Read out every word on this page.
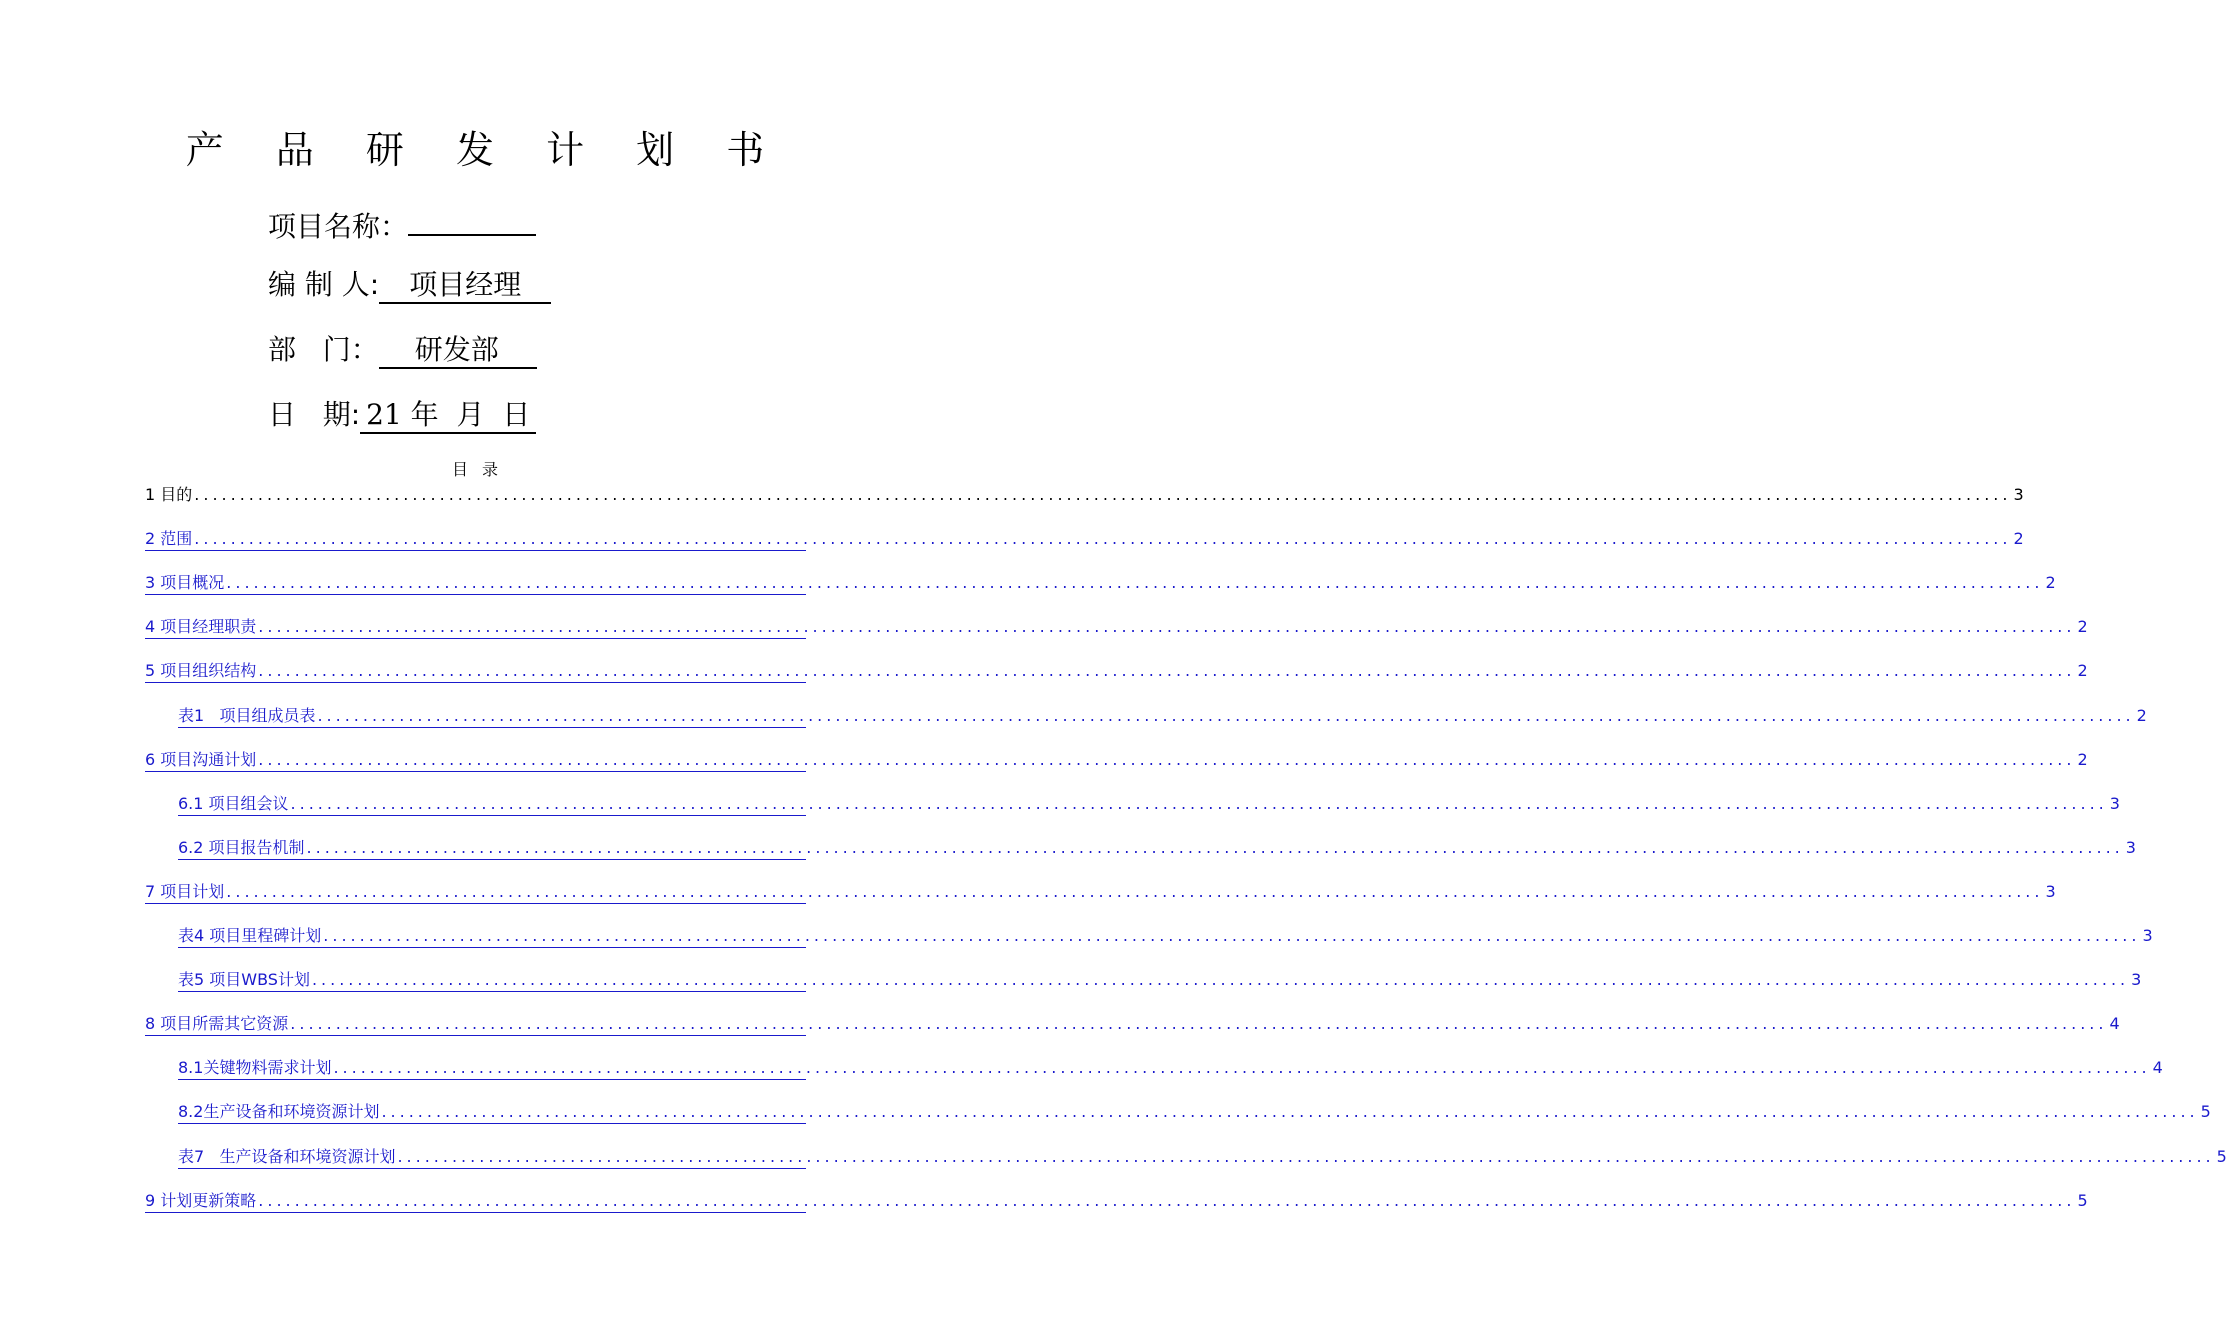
产 品 研 发 计 划 书
项目名称：
编 制 人: 项目经理
部   门： 研发部
日   期: 21 年  月  日
目录
1 目的 ........................................................................................................................................................................................................ 3
2 范围 ........................................................................................................................................................................................................ 2
3 项目概况 ........................................................................................................................................................................................................ 2
4 项目经理职责 ........................................................................................................................................................................................................ 2
5 项目组织结构 ........................................................................................................................................................................................................ 2
表1   项目组成员表 ........................................................................................................................................................................................................ 2
6 项目沟通计划 ........................................................................................................................................................................................................ 2
6.1 项目组会议 ........................................................................................................................................................................................................ 3
6.2 项目报告机制 ........................................................................................................................................................................................................ 3
7 项目计划 ........................................................................................................................................................................................................ 3
表4 项目里程碑计划 ........................................................................................................................................................................................................ 3
表5 项目WBS计划 ........................................................................................................................................................................................................ 3
8 项目所需其它资源 ........................................................................................................................................................................................................ 4
8.1关键物料需求计划 ........................................................................................................................................................................................................ 4
8.2生产设备和环境资源计划 ........................................................................................................................................................................................................ 5
表7   生产设备和环境资源计划 ........................................................................................................................................................................................................ 5
9 计划更新策略 ........................................................................................................................................................................................................ 5
